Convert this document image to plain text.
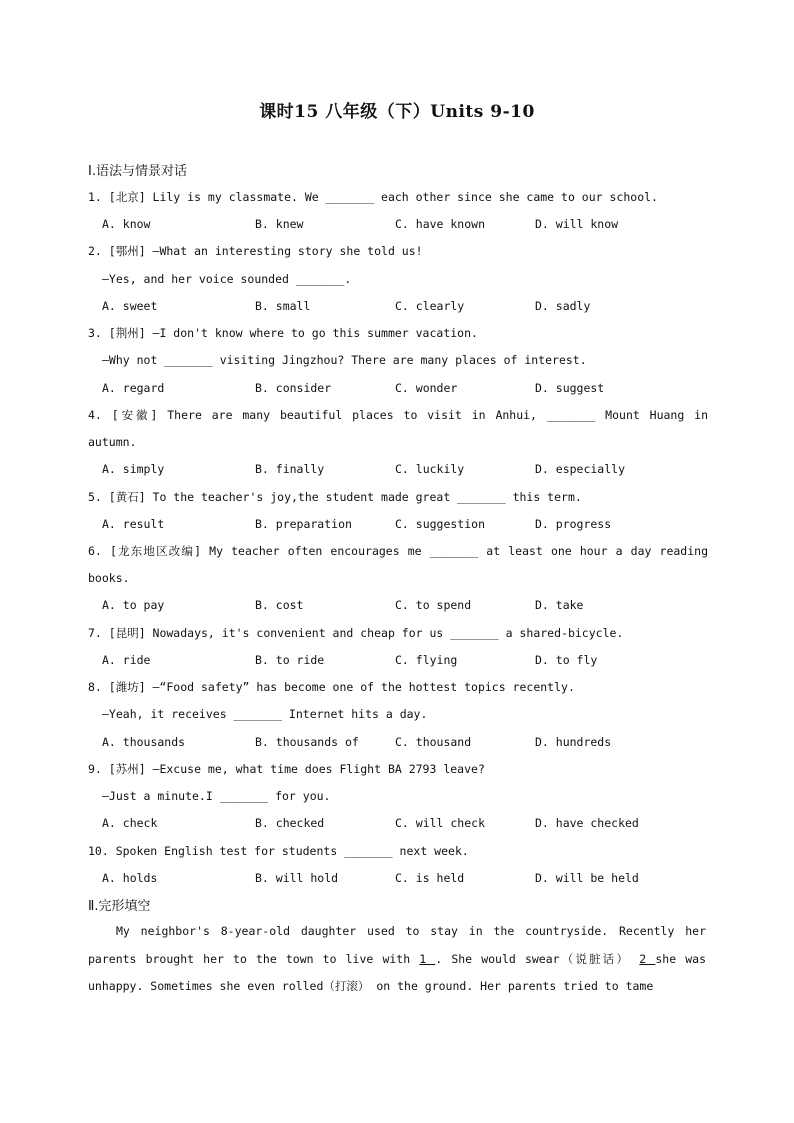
课时15 八年级（下）Units 9-10
Ⅰ.语法与情景对话
1. [北京] Lily is my classmate. We _______ each other since she came to our school.
A. know	B. knew	C. have known	D. will know
2. [鄂州] —What an interesting story she told us!
—Yes, and her voice sounded _______.
A. sweet	B. small	C. clearly	D. sadly
3. [荆州] —I don't know where to go this summer vacation.
—Why not _______ visiting Jingzhou? There are many places of interest.
A. regard	B. consider	C. wonder	D. suggest
4. [安徽] There are many beautiful places to visit in Anhui, _______ Mount Huang in
autumn.
A. simply	B. finally	C. luckily	D. especially
5. [黄石] To the teacher's joy,the student made great _______ this term.
A. result	B. preparation	C. suggestion	D. progress
6. [龙东地区改编] My teacher often encourages me _______ at least one hour a day reading
books.
A. to pay	B. cost	C. to spend	D. take
7. [昆明] Nowadays, it's convenient and cheap for us _______ a shared-bicycle.
A. ride	B. to ride	C. flying	D. to fly
8. [潍坊] —“Food safety” has become one of the hottest topics recently.
—Yeah, it receives _______ Internet hits a day.
A. thousands	B. thousands of	C. thousand	D. hundreds
9. [苏州] —Excuse me, what time does Flight BA 2793 leave?
—Just a minute.I _______ for you.
A. check	B. checked	C. will check	D. have checked
10. Spoken English test for students _______ next week.
A. holds	B. will hold	C. is held	D. will be held
Ⅱ.完形填空
My neighbor's 8-year-old daughter used to stay in the countryside. Recently her parents brought her to the town to live with 1 . She would swear（说脏话） 2 she was unhappy. Sometimes she even rolled（打滚） on the ground. Her parents tried to tame
